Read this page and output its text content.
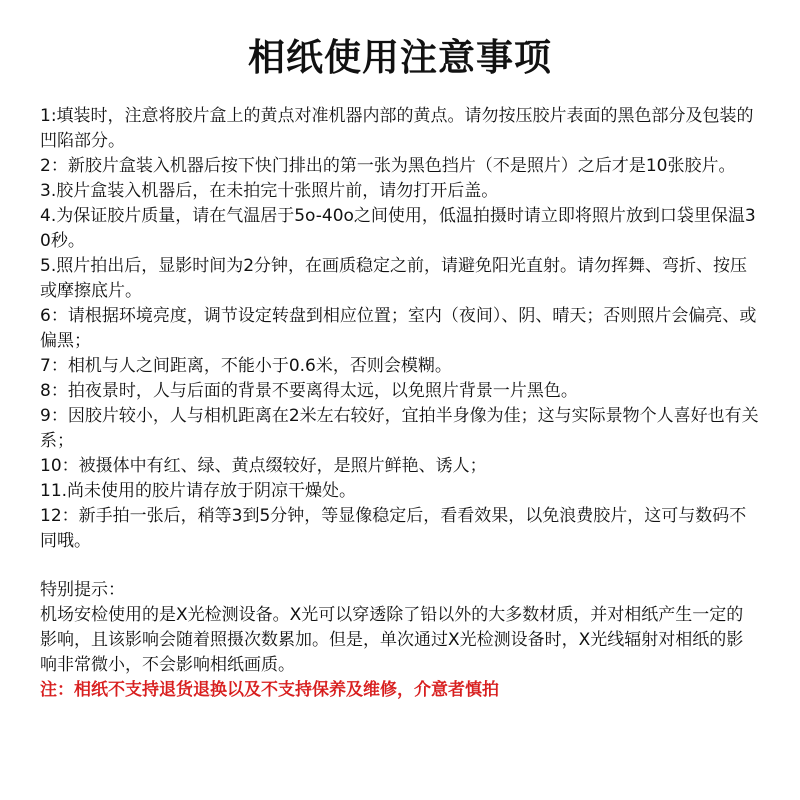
相纸使用注意事项

1:填装时，注意将胶片盒上的黄点对准机器内部的黄点。请勿按压胶片表面的黑色部分及包装的凹陷部分。

2：新胶片盒装入机器后按下快门排出的第一张为黑色挡片（不是照片）之后才是10张胶片。

3.胶片盒装入机器后，在未拍完十张照片前，请勿打开后盖。

4.为保证胶片质量，请在气温居于5o-40o之间使用，低温拍摄时请立即将照片放到口袋里保温30秒。

5.照片拍出后，显影时间为2分钟，在画质稳定之前，请避免阳光直射。请勿挥舞、弯折、按压或摩擦底片。

6：请根据环境亮度，调节设定转盘到相应位置；室内（夜间）、阴、晴天；否则照片会偏亮、或偏黑；

7：相机与人之间距离，不能小于0.6米，否则会模糊。

8：拍夜景时，人与后面的背景不要离得太远，以免照片背景一片黑色。

9：因胶片较小，人与相机距离在2米左右较好，宜拍半身像为佳；这与实际景物个人喜好也有关系；

10：被摄体中有红、绿、黄点缀较好，是照片鲜艳、诱人；

11.尚未使用的胶片请存放于阴凉干燥处。

12：新手拍一张后，稍等3到5分钟，等显像稳定后，看看效果，以免浪费胶片，这可与数码不同哦。

特别提示：

机场安检使用的是X光检测设备。X光可以穿透除了铅以外的大多数材质，并对相纸产生一定的影响，且该影响会随着照摄次数累加。但是，单次通过X光检测设备时，X光线辐射对相纸的影响非常微小，不会影响相纸画质。

注：相纸不支持退货退换以及不支持保养及维修，介意者慎拍
